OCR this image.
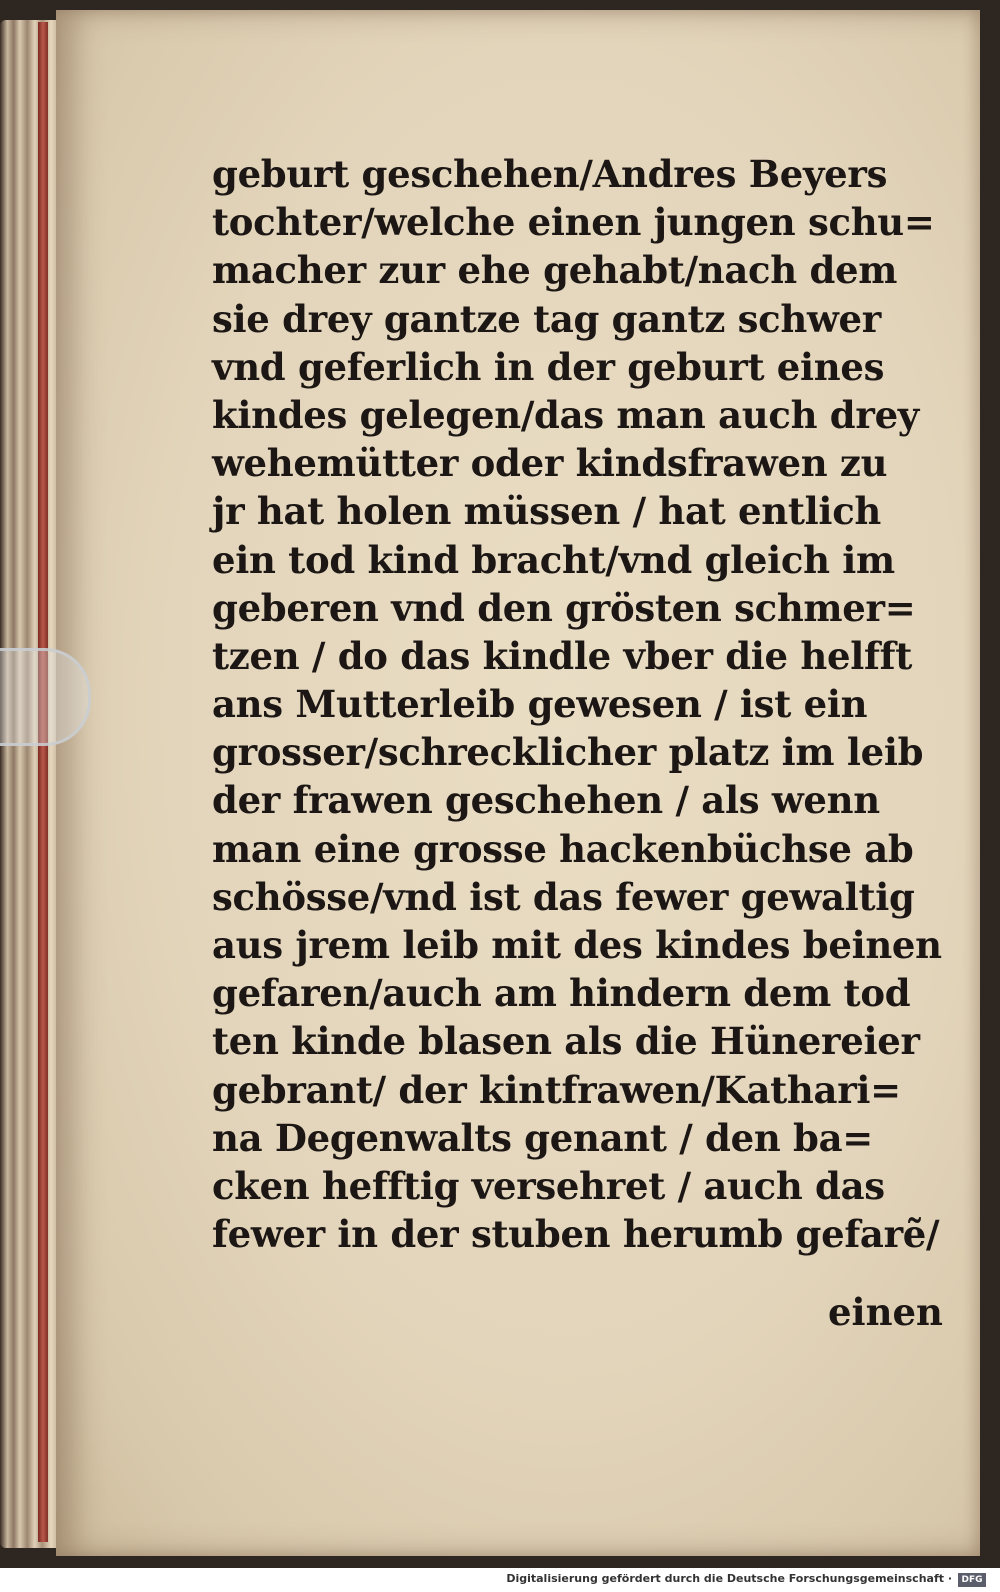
geburt geschehen/Andres Beyers
tochter/welche einen jungen schu=
macher zur ehe gehabt/nach dem
sie drey gantze tag gantz schwer
vnd geferlich in der geburt eines
kindes gelegen/das man auch drey
wehemütter oder kindsfrawen zu
jr hat holen müssen / hat entlich
ein tod kind bracht/vnd gleich im
geberen vnd den grösten schmer=
tzen / do das kindle vber die helfft
ans Mutterleib gewesen / ist ein
grosser/schrecklicher platz im leib
der frawen geschehen / als wenn
man eine grosse hackenbüchse ab
schösse/vnd ist das fewer gewaltig
aus jrem leib mit des kindes beinen
gefaren/auch am hindern dem tod
ten kinde blasen als die Hünereier
gebrant/ der kintfrawen/Kathari=
na Degenwalts genant / den ba=
cken hefftig versehret / auch das
fewer in der stuben herumb gefarẽ/
einen
Digitalisierung gefördert durch die Deutsche Forschungsgemeinschaft ·	DFG
